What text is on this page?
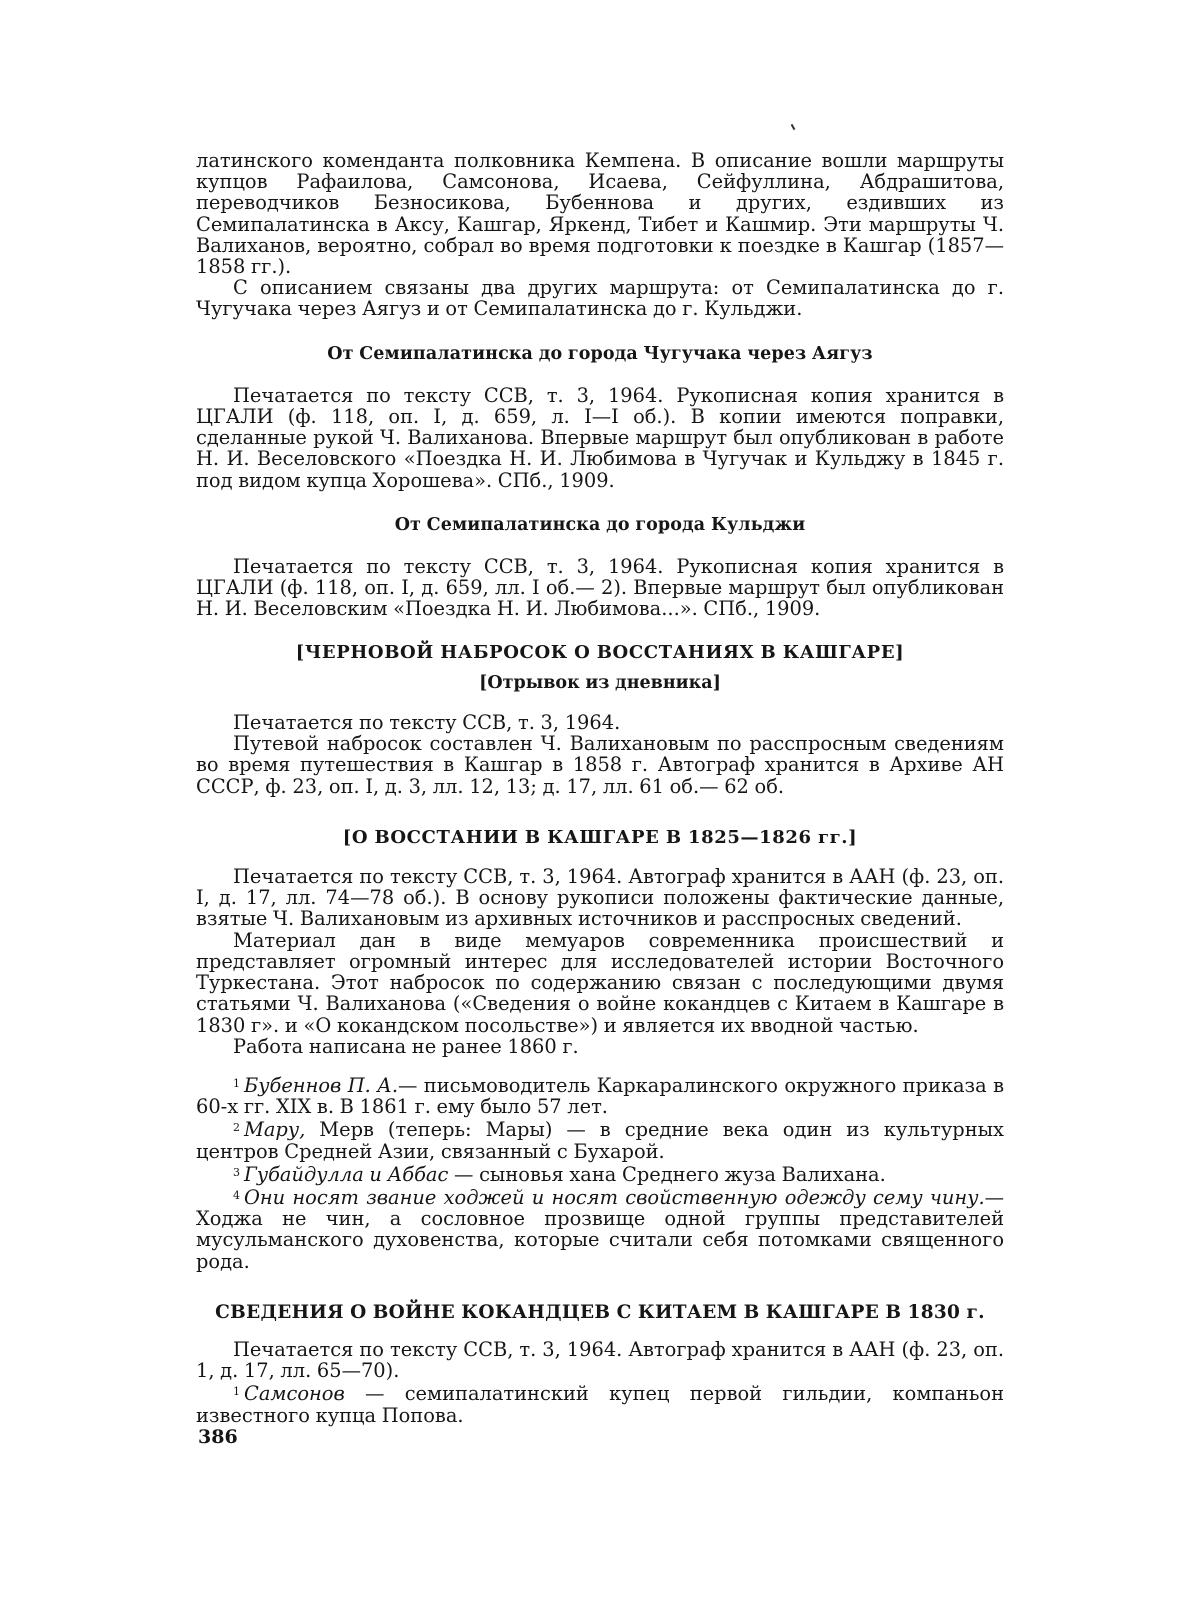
латинского коменданта полковника Кемпена. В описание вошли маршруты купцов Рафаилова, Самсонова, Исаева, Сейфуллина, Абдрашитова, переводчиков Безносикова, Бубеннова и других, ездивших из Семипалатинска в Аксу, Кашгар, Яркенд, Тибет и Кашмир. Эти маршруты Ч. Валиханов, вероятно, собрал во время подготовки к поездке в Кашгар (1857—1858 гг.).

С описанием связаны два других маршрута: от Семипалатинска до г. Чугучака через Аягуз и от Семипалатинска до г. Кульджи.

От Семипалатинска до города Чугучака через Аягуз

Печатается по тексту ССВ, т. 3, 1964. Рукописная копия хранится в ЦГАЛИ (ф. 118, оп. I, д. 659, л. I—I об.). В копии имеются поправки, сделанные рукой Ч. Валиханова. Впервые маршрут был опубликован в работе Н. И. Веселовского «Поездка Н. И. Любимова в Чугучак и Кульджу в 1845 г. под видом купца Хорошева». СПб., 1909.

От Семипалатинска до города Кульджи

Печатается по тексту ССВ, т. 3, 1964. Рукописная копия хранится в ЦГАЛИ (ф. 118, оп. I, д. 659, лл. I об.— 2). Впервые маршрут был опубликован Н. И. Веселовским «Поездка Н. И. Любимова...». СПб., 1909.

[ЧЕРНОВОЙ НАБРОСОК О ВОССТАНИЯХ В КАШГАРЕ]
[Отрывок из дневника]

Печатается по тексту ССВ, т. 3, 1964.

Путевой набросок составлен Ч. Валихановым по расспросным сведениям во время путешествия в Кашгар в 1858 г. Автограф хранится в Архиве АН СССР, ф. 23, оп. I, д. 3, лл. 12, 13; д. 17, лл. 61 об.— 62 об.

[О ВОССТАНИИ В КАШГАРЕ В 1825—1826 гг.]

Печатается по тексту ССВ, т. 3, 1964. Автограф хранится в ААН (ф. 23, оп. I, д. 17, лл. 74—78 об.). В основу рукописи положены фактические данные, взятые Ч. Валихановым из архивных источников и расспросных сведений.

Материал дан в виде мемуаров современника происшествий и представляет огромный интерес для исследователей истории Восточного Туркестана. Этот набросок по содержанию связан с последующими двумя статьями Ч. Валиханова («Сведения о войне кокандцев с Китаем в Кашгаре в 1830 г». и «О кокандском посольстве») и является их вводной частью.

Работа написана не ранее 1860 г.

$^1$ Бубеннов П. А.— письмоводитель Каркаралинского окружного приказа в 60-х гг. XIX в. В 1861 г. ему было 57 лет.

$^2$ Мару, Мерв (теперь: Мары) — в средние века один из культурных центров Средней Азии, связанный с Бухарой.

$^3$ Губайдулла и Аббас — сыновья хана Среднего жуза Валихана.

$^4$ Они носят звание ходжей и носят свойственную одежду сему чину.— Ходжа не чин, а сословное прозвище одной группы представителей мусульманского духовенства, которые считали себя потомками священного рода.

СВЕДЕНИЯ О ВОЙНЕ КОКАНДЦЕВ С КИТАЕМ В КАШГАРЕ В 1830 г.

Печатается по тексту ССВ, т. 3, 1964. Автограф хранится в ААН (ф. 23, оп. 1, д. 17, лл. 65—70).

$^1$ Самсонов — семипалатинский купец первой гильдии, компаньон известного купца Попова.

386
